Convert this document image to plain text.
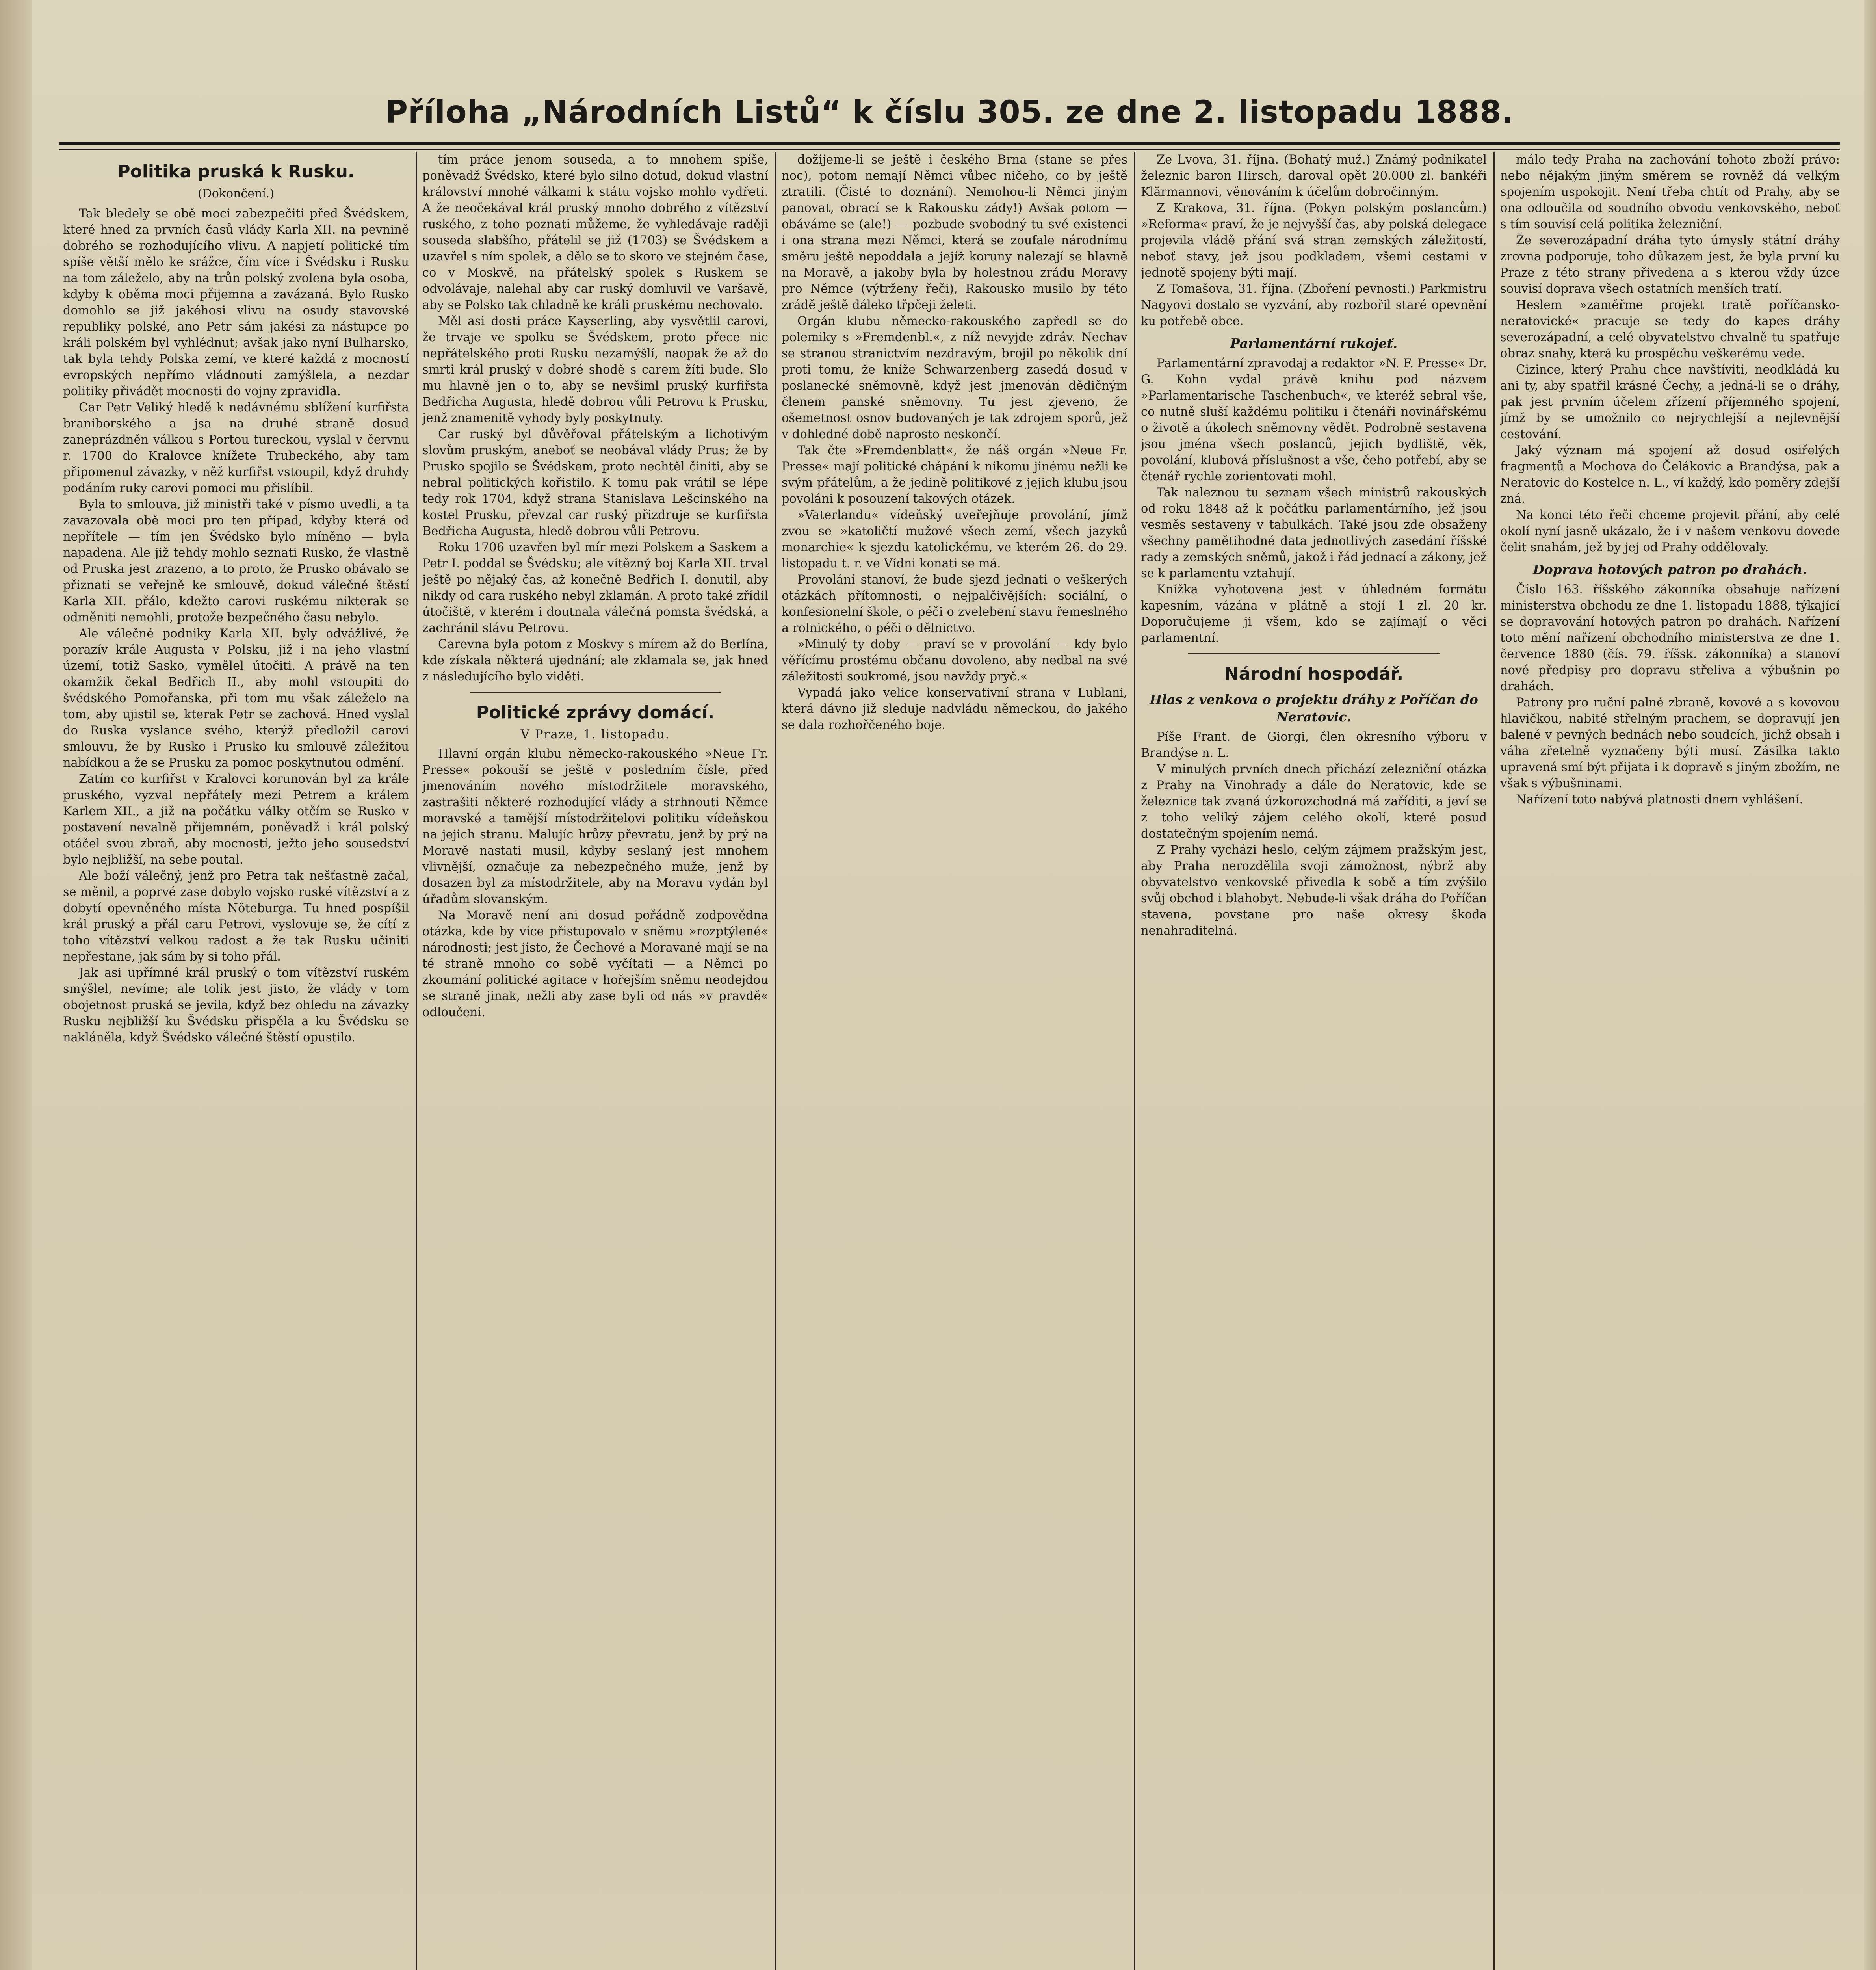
Příloha „Národních Listů“ k číslu 305. ze dne 2. listopadu 1888.
Politika pruská k Rusku.
(Dokončení.)

Tak bledely se obě moci zabezpečiti před Švédskem, které hned za prvních časů vlády Karla XII. na pevnině dobrého se rozhodujícího vlivu. A napjetí politické tím spíše větší mělo ke srážce, čím více i Švédsku i Rusku na tom záleželo, aby na trůn polský zvolena byla osoba, kdyby k oběma moci přijemna a zavázaná. Bylo Rusko domohlo se již jakéhosi vlivu na osudy stavovské republiky polské, ano Petr sám jakési za nástupce po králi polském byl vyhlédnut; avšak jako nyní Bulharsko, tak byla tehdy Polska zemí, ve které každá z mocností evropských nepřímo vládnouti zamýšlela, a nezdar politiky přivádět mocnosti do vojny zpravidla.

Car Petr Veliký hledě k nedávnému sblížení kurfiřsta braniborského a jsa na druhé straně dosud zaneprázdněn válkou s Portou tureckou, vyslal v červnu r. 1700 do Kralovce knížete Trubeckého, aby tam připomenul závazky, v něž kurfiřst vstoupil, když druhdy podáním ruky carovi pomoci mu přislíbil.

Byla to smlouva, již ministři také v písmo uvedli, a ta zavazovala obě moci pro ten případ, kdyby která od nepřítele — tím jen Švédsko bylo míněno — byla napadena. Ale již tehdy mohlo seznati Rusko, že vlastně od Pruska jest zrazeno, a to proto, že Prusko obávalo se přiznati se veřejně ke smlouvě, dokud válečné štěstí Karla XII. přálo, kdežto carovi ruskému nikterak se odměniti nemohli, protože bezpečného času nebylo.

Ale válečné podniky Karla XII. byly odvážlivé, že porazív krále Augusta v Polsku, již i na jeho vlastní území, totiž Sasko, vymělel útočiti. A právě na ten okamžik čekal Bedřich II., aby mohl vstoupiti do švédského Pomořanska, při tom mu však záleželo na tom, aby ujistil se, kterak Petr se zachová. Hned vyslal do Ruska vyslance svého, kterýž předložil carovi smlouvu, že by Rusko i Prusko ku smlouvě záležitou nabídkou a že se Prusku za pomoc poskytnutou odmění.

Zatím co kurfiřst v Kralovci korunován byl za krále pruského, vyzval nepřátely mezi Petrem a králem Karlem XII., a již na počátku války otčím se Rusko v postavení nevalně přijemném, poněvadž i král polský otáčel svou zbraň, aby mocností, ježto jeho sousedství bylo nejbližší, na sebe poutal.

Ale boží válečný, jenž pro Petra tak nešťastně začal, se měnil, a poprvé zase dobylo vojsko ruské vítězství a z dobytí opevněného místa Nöteburga. Tu hned pospíšil král pruský a přál caru Petrovi, vyslovuje se, že cítí z toho vítězství velkou radost a že tak Rusku učiniti nepřestane, jak sám by si toho přál.

Jak asi upřímné král pruský o tom vítězství ruském smýšlel, nevíme; ale tolik jest jisto, že vlády v tom obojetnost pruská se jevila, když bez ohledu na závazky Rusku nejbližší ku Švédsku přispěla a ku Švédsku se nakláněla, když Švédsko válečné štěstí opustilo.

tím práce jenom souseda, a to mnohem spíše, poněvadž Švédsko, které bylo silno dotud, dokud vlastní království mnohé válkami k státu vojsko mohlo vydřeti. A že neočekával král pruský mnoho dobrého z vítězství ruského, z toho poznati můžeme, že vyhledávaje raději souseda slabšího, přátelil se již (1703) se Švédskem a uzavřel s ním spolek, a dělo se to skoro ve stejném čase, co v Moskvě, na přátelský spolek s Ruskem se odvolávaje, nalehal aby car ruský domluvil ve Varšavě, aby se Polsko tak chladně ke králi pruskému nechovalo.

Měl asi dosti práce Kayserling, aby vysvětlil carovi, že trvaje ve spolku se Švédskem, proto přece nic nepřátelského proti Rusku nezamýšlí, naopak že až do smrti král pruský v dobré shodě s carem žíti bude. Slo mu hlavně jen o to, aby se nevšiml pruský kurfiřsta Bedřicha Augusta, hledě dobrou vůli Petrovu k Prusku, jenž znamenitě vyhody byly poskytnuty.

Car ruský byl důvěřoval přátelským a lichotivým slovům pruským, aneboť se neobával vlády Prus; že by Prusko spojilo se Švédskem, proto nechtěl činiti, aby se nebral politických kořistilo. K tomu pak vrátil se lépe tedy rok 1704, když strana Stanislava Lešcinského na kostel Prusku, převzal car ruský přizdruje se kurfiřsta Bedřicha Augusta, hledě dobrou vůli Petrovu.

Roku 1706 uzavřen byl mír mezi Polskem a Saskem a Petr I. poddal se Švédsku; ale vítězný boj Karla XII. trval ještě po nějaký čas, až konečně Bedřich I. donutil, aby nikdy od cara ruského nebyl zklamán. A proto také zřídil útočiště, v kterém i doutnala válečná pomsta švédská, a zachránil slávu Petrovu.

Carevna byla potom z Moskvy s mírem až do Berlína, kde získala některá ujednání; ale zklamala se, jak hned z následujícího bylo viděti.

Politické zprávy domácí.
V Praze, 1. listopadu.

Hlavní orgán klubu německo-rakouského »Neue Fr. Presse« pokouší se ještě v posledním čísle, před jmenováním nového místodržitele moravského, zastrašiti některé rozhodující vlády a strhnouti Němce moravské a tamější místodržitelovi politiku vídeňskou na jejich stranu. Malujíc hrůzy převratu, jenž by prý na Moravě nastati musil, kdyby seslaný jest mnohem vlivnější, označuje za nebezpečného muže, jenž by dosazen byl za místodržitele, aby na Moravu vydán byl úřadům slovanským.

Na Moravě není ani dosud pořádně zodpovědna otázka, kde by více přistupovalo v sněmu »rozptýlené« národnosti; jest jisto, že Čechové a Moravané mají se na té straně mnoho co sobě vyčítati — a Němci po zkoumání politické agitace v hořejším sněmu neodejdou se straně jinak, nežli aby zase byli od nás »v pravdě« odloučeni.

dožijeme-li se ještě i českého Brna (stane se přes noc), potom nemají Němci vůbec ničeho, co by ještě ztratili. (Čisté to doznání). Nemohou-li Němci jiným panovat, obrací se k Rakousku zády!) Avšak potom — obáváme se (ale!) — pozbude svobodný tu své existenci i ona strana mezi Němci, která se zoufale národnímu směru ještě nepoddala a jejíž koruny nalezají se hlavně na Moravě, a jakoby byla by holestnou zrádu Moravy pro Němce (výtrženy řeči), Rakousko musilo by této zrádě ještě dáleko třpčeji želeti.

Orgán klubu německo-rakouského zapředl se do polemiky s »Fremdenbl.«, z níž nevyjde zdráv. Nechav se stranou stranictvím nezdravým, brojil po několik dní proti tomu, že kníže Schwarzenberg zasedá dosud v poslanecké sněmovně, když jest jmenován dědičným členem panské sněmovny. Tu jest zjeveno, že ošemetnost osnov budovaných je tak zdrojem sporů, jež v dohledné době naprosto neskončí.

Tak čte »Fremdenblatt«, že náš orgán »Neue Fr. Presse« mají politické chápání k nikomu jinému nežli ke svým přátelům, a že jedině politikové z jejich klubu jsou povoláni k posouzení takových otázek.

»Vaterlandu« vídeňský uveřejňuje provolání, jímž zvou se »katoličtí mužové všech zemí, všech jazyků monarchie« k sjezdu katolickému, ve kterém 26. do 29. listopadu t. r. ve Vídni konati se má.

Provolání stanoví, že bude sjezd jednati o veškerých otázkách přítomnosti, o nejpalčivějších: sociální, o konfesionelní škole, o péči o zvelebení stavu řemeslného a rolnického, o péči o dělnictvo.

»Minulý ty doby — praví se v provolání — kdy bylo věřícímu prostému občanu dovoleno, aby nedbal na své záležitosti soukromé, jsou navždy pryč.«

Vypadá jako velice konservativní strana v Lublani, která dávno již sleduje nadvládu německou, do jakého se dala rozhořčeného boje.

Ze Lvova, 31. října. (Bohatý muž.) Známý podnikatel železnic baron Hirsch, daroval opět 20.000 zl. bankéři Klärmannovi, věnováním k účelům dobročinným.

Z Krakova, 31. října. (Pokyn polským poslancům.) »Reforma« praví, že je nejvyšší čas, aby polská delegace projevila vládě přání svá stran zemských záležitostí, neboť stavy, jež jsou podkladem, všemi cestami v jednotě spojeny býti mají.

Z Tomašova, 31. října. (Zboření pevnosti.) Parkmistru Nagyovi dostalo se vyzvání, aby rozbořil staré opevnění ku potřebě obce.

Parlamentární rukojeť.

Parlamentární zpravodaj a redaktor »N. F. Presse« Dr. G. Kohn vydal právě knihu pod názvem »Parlamentarische Taschenbuch«, ve kteréž sebral vše, co nutně sluší každému politiku i čtenáři novinářskému o životě a úkolech sněmovny vědět. Podrobně sestavena jsou jména všech poslanců, jejich bydliště, věk, povolání, klubová příslušnost a vše, čeho potřebí, aby se čtenář rychle zorientovati mohl.

Tak naleznou tu seznam všech ministrů rakouských od roku 1848 až k počátku parlamentárního, jež jsou vesměs sestaveny v tabulkách. Také jsou zde obsaženy všechny pamětihodné data jednotlivých zasedání říšské rady a zemských sněmů, jakož i řád jednací a zákony, jež se k parlamentu vztahují.

Knížka vyhotovena jest v úhledném formátu kapesním, vázána v plátně a stojí 1 zl. 20 kr. Doporučujeme ji všem, kdo se zajímají o věci parlamentní.

Národní hospodář.
Hlas z venkova o projektu dráhy z Poříčan do Neratovic.

Píše Frant. de Giorgi, člen okresního výboru v Brandýse n. L.

V minulých prvních dnech přichází zelezniční otázka z Prahy na Vinohrady a dále do Neratovic, kde se železnice tak zvaná úzkorozchodná má zaříditi, a jeví se z toho veliký zájem celého okolí, které posud dostatečným spojením nemá.

Z Prahy vycházi heslo, celým zájmem pražským jest, aby Praha nerozdělila svoji zámožnost, nýbrž aby obyvatelstvo venkovské přivedla k sobě a tím zvýšilo svůj obchod i blahobyt. Nebude-li však dráha do Poříčan stavena, povstane pro naše okresy škoda nenahraditelná.

málo tedy Praha na zachování tohoto zboží právo: nebo nějakým jiným směrem se rovněž dá velkým spojením uspokojit. Není třeba chtít od Prahy, aby se ona odloučila od soudního obvodu venkovského, neboť s tím souvisí celá politika železniční.

Že severozápadní dráha tyto úmysly státní dráhy zrovna podporuje, toho důkazem jest, že byla první ku Praze z této strany přivedena a s kterou vždy úzce souvisí doprava všech ostatních menších tratí.

Heslem »zaměřme projekt tratě poříčansko-neratovické« pracuje se tedy do kapes dráhy severozápadní, a celé obyvatelstvo chvalně tu spatřuje obraz snahy, která ku prospěchu veškerému vede.

Cizince, který Prahu chce navštíviti, neodkládá ku ani ty, aby spatřil krásné Čechy, a jedná-li se o dráhy, pak jest prvním účelem zřízení příjemného spojení, jímž by se umožnilo co nejrychlejší a nejlevnější cestování.

Jaký význam má spojení až dosud osiřelých fragmentů a Mochova do Čelákovic a Brandýsa, pak a Neratovic do Kostelce n. L., ví každý, kdo poměry zdejší zná.

Na konci této řeči chceme projevit přání, aby celé okolí nyní jasně ukázalo, že i v našem venkovu dovede čelit snahám, jež by jej od Prahy oddělovaly.

Doprava hotových patron po drahách.

Číslo 163. říšského zákonníka obsahuje nařízení ministerstva obchodu ze dne 1. listopadu 1888, týkající se dopravování hotových patron po drahách. Nařízení toto mění nařízení obchodního ministerstva ze dne 1. července 1880 (čís. 79. říšsk. zákonníka) a stanoví nové předpisy pro dopravu střeliva a výbušnin po drahách.

Patrony pro ruční palné zbraně, kovové a s kovovou hlavičkou, nabité střelným prachem, se dopravují jen balené v pevných bednách nebo soudcích, jichž obsah i váha zřetelně vyznačeny býti musí. Zásilka takto upravená smí být přijata i k dopravě s jiným zbožím, ne však s výbušninami.

Nařízení toto nabývá platnosti dnem vyhlášení.
